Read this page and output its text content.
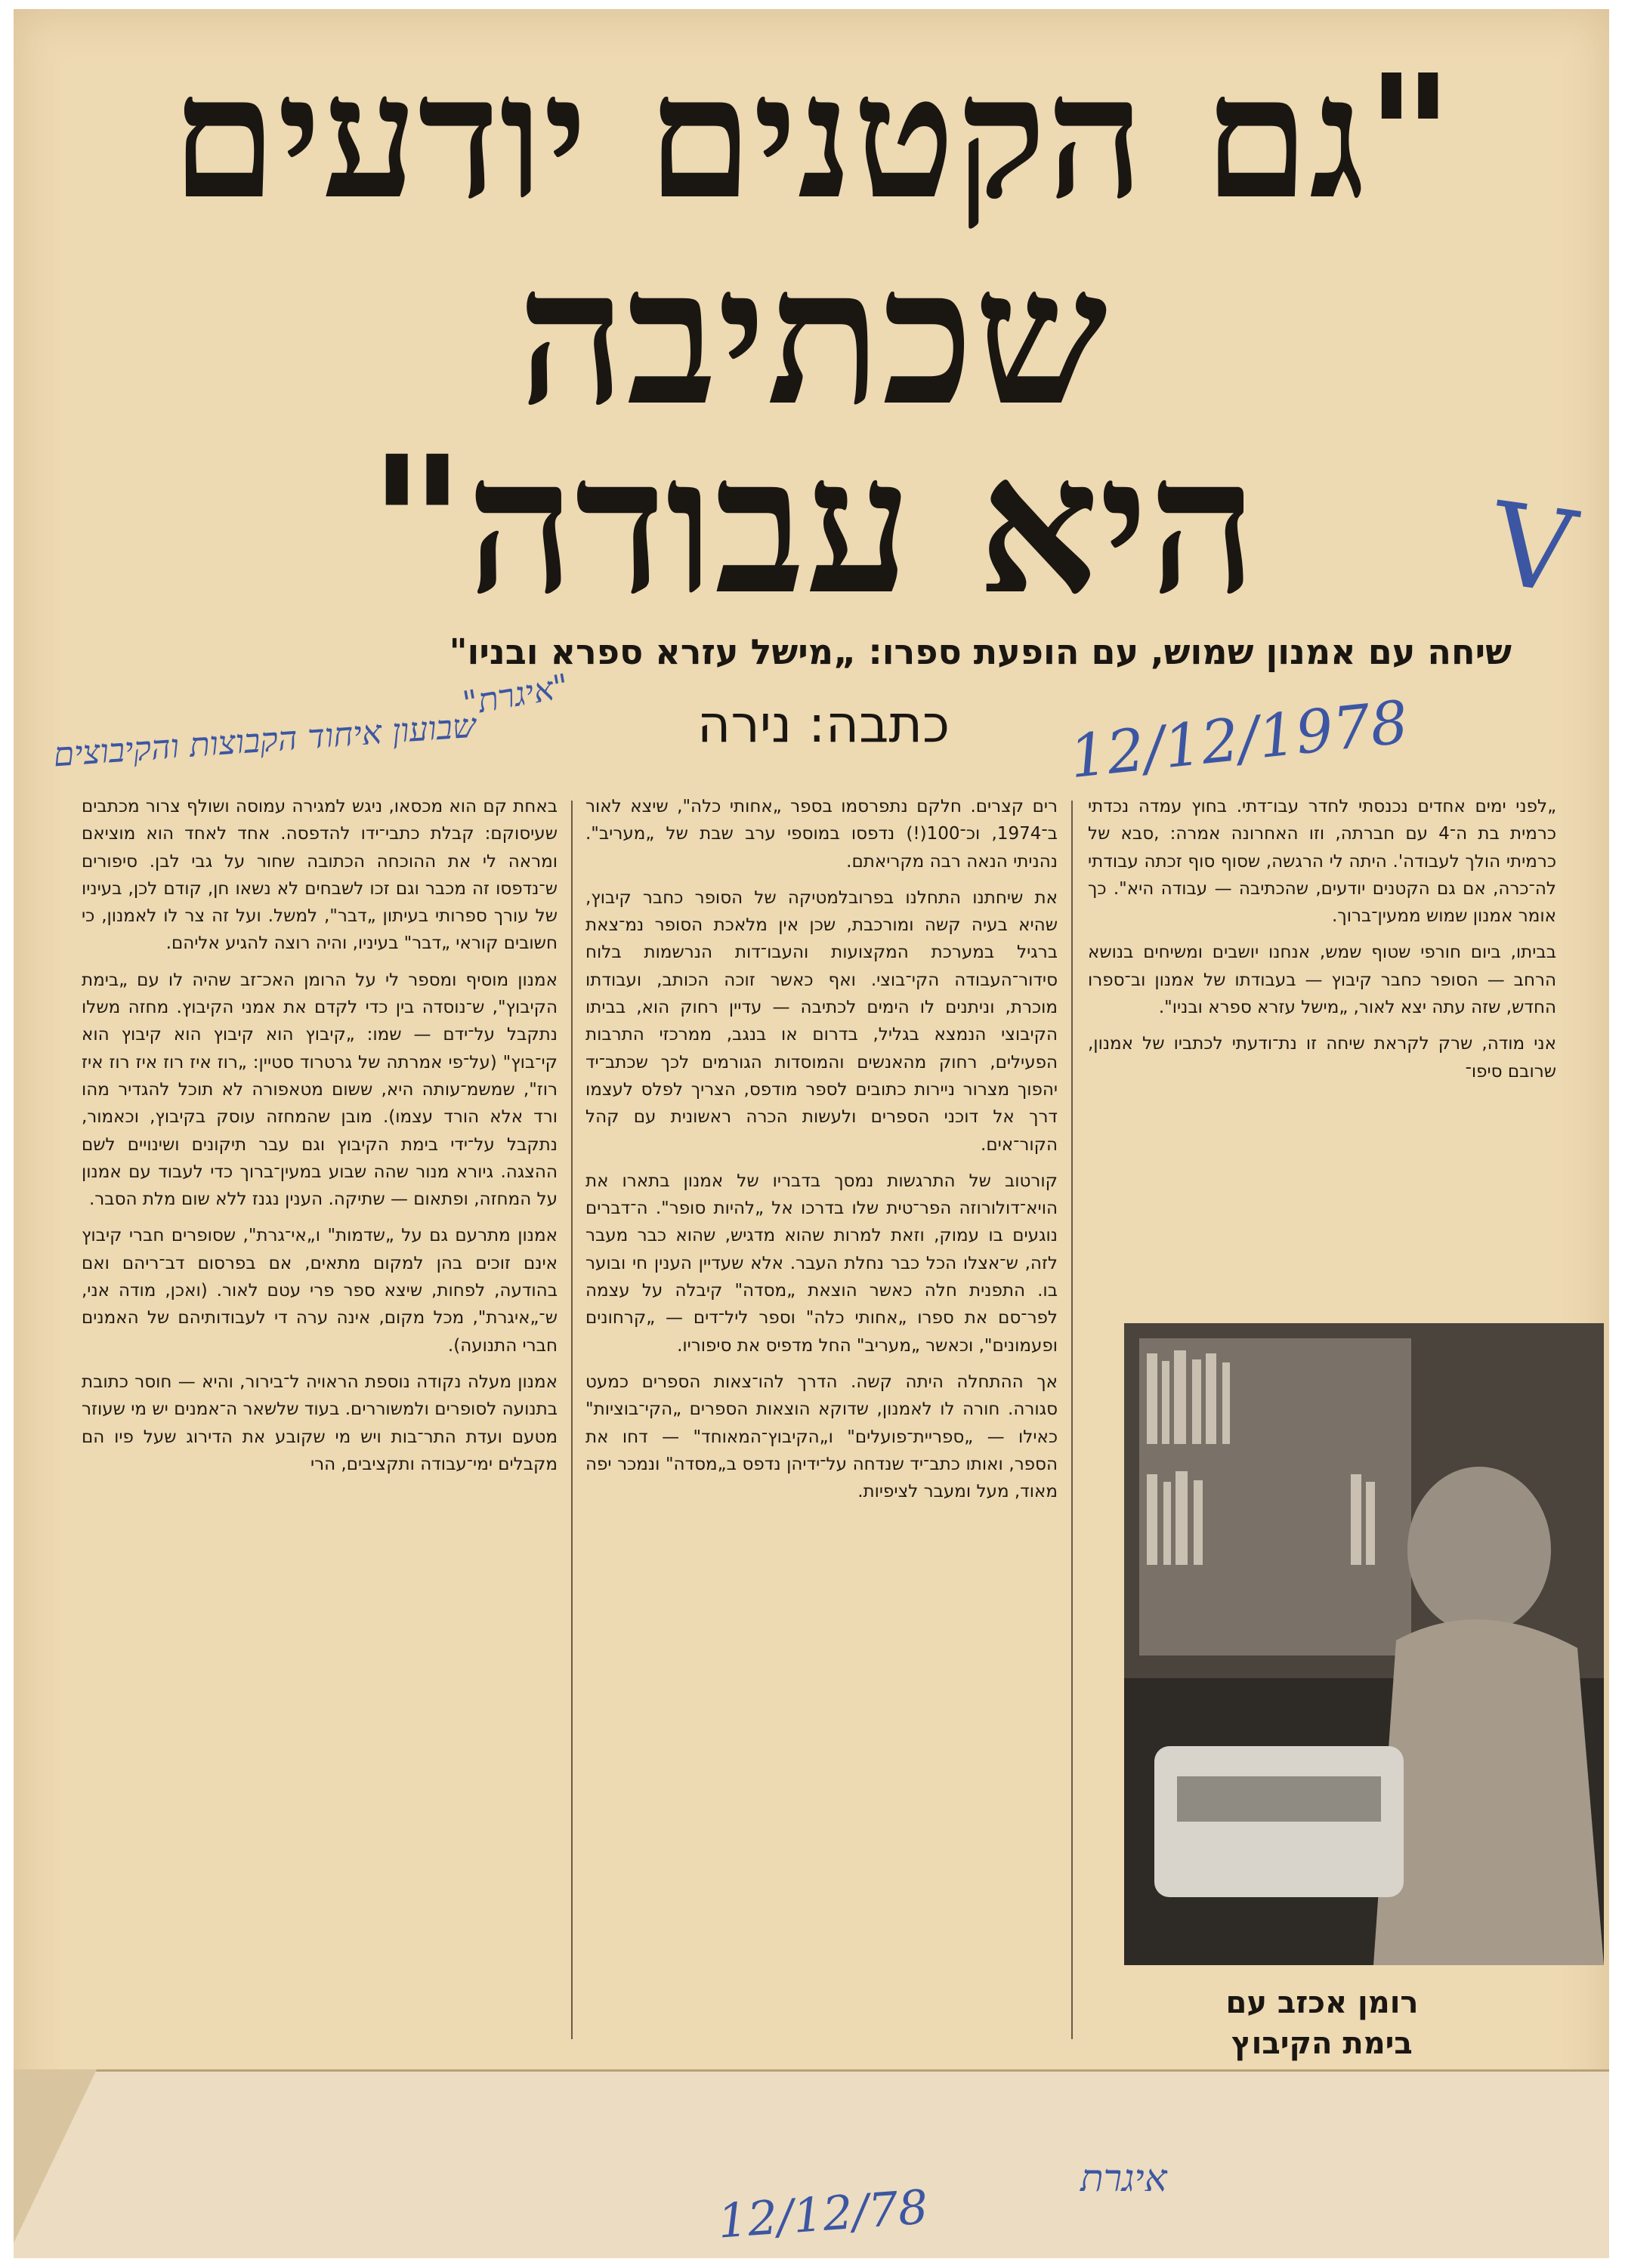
"גם הקטנים יודעים
שכתיבה
היא עבודה"
שיחה עם אמנון שמוש, עם הופעת ספרו: „מישל עזרא ספרא ובניו"
כתבה: נירה
V
12/12/1978
"איגרת"
שבועון איחוד הקבוצות והקיבוצים
איגרת
12/12/78

„לפני ימים אחדים נכנסתי לחדר עבו־דתי. בחוץ עמדה נכדתי כרמית בת ה־4 עם חברתה, וזו האחרונה אמרה: ,סבא של כרמיתי הולך לעבודה'. היתה לי הרגשה, שסוף סוף זכתה עבודתי לה־כרה, אם גם הקטנים יודעים, שהכתיבה — עבודה היא". כך אומר אמנון שמוש ממעין־ברוך.

בביתו, ביום חורפי שטוף שמש, אנחנו יושבים ומשיחים בנושא הרחב — הסופר כחבר קיבוץ — בעבודתו של אמנון וב־ספרו החדש, שזה עתה יצא לאור, „מישל עזרא ספרא ובניו".

אני מודה, שרק לקראת שיחה זו נת־ודעתי לכתביו של אמנון, שרובם סיפו־

רומן אכזב עם
בימת הקיבוץ

רים קצרים. חלקם נתפרסמו בספר „אחותי כלה", שיצא לאור ב־1974, וכ־100(!) נדפסו במוספי ערב שבת של „מעריב". נהניתי הנאה רבה מקריאתם.

את שיחתנו התחלנו בפרובלמטיקה של הסופר כחבר קיבוץ, שהיא בעיה קשה ומורכבת, שכן אין מלאכת הסופר נמ־צאת ברגיל במערכת המקצועות והעבו־דות הנרשמות בלוח סידור־העבודה הקי־בוצי. ואף כאשר זוכה הכותב, ועבודתו מוכרת, וניתנים לו הימים לכתיבה — עדיין רחוק הוא, בביתו הקיבוצי הנמצא בגליל, בדרום או בנגב, ממרכזי התרבות הפעילים, רחוק מהאנשים והמוסדות הגורמים לכך שכתב־יד יהפוך מצרור ניירות כתובים לספר מודפס, הצריך לפלס לעצמו דרך אל דוכני הספרים ולעשות הכרה ראשונית עם קהל הקור־אים.

קורטוב של התרגשות נמסך בדבריו של אמנון בתארו את הויא־דולורוזה הפר־טית שלו בדרכו אל „להיות סופר". ה־דברים נוגעים בו עמוק, וזאת למרות שהוא מדגיש, שהוא כבר מעבר לזה, ש־אצלו הכל כבר נחלת העבר. אלא שעדיין הענין חי ובוער בו. התפנית חלה כאשר הוצאת „מסדה" קיבלה על עצמה לפר־סם את ספרו „אחותי כלה" וספר ליל־דים — „קרחונים ופעמונים", וכאשר „מעריב" החל מדפיס את סיפוריו.

אך ההתחלה היתה קשה. הדרך להו־צאות הספרים כמעט סגורה. חורה לו לאמנון, שדוקא הוצאות הספרים „הקי־בוציות" כאילו — „ספריית־פועלים" ו„הקיבוץ־המאוחד" — דחו את הספר, ואותו כתב־יד שנדחה על־ידיהן נדפס ב„מסדה" ונמכר יפה מאוד, מעל ומעבר לציפיות.

באחת קם הוא מכסאו, ניגש למגירה עמוסה ושולף צרור מכתבים שעיסוקם: קבלת כתבי־ידו להדפסה. אחד לאחד הוא מוציאם ומראה לי את ההוכחה הכתובה שחור על גבי לבן. סיפורים ש־נדפסו זה מכבר וגם זכו לשבחים לא נשאו חן, קודם לכן, בעיניו של עורך ספרותי בעיתון „דבר", למשל. ועל זה צר לו לאמנון, כי חשובים קוראי „דבר" בעיניו, והיה רוצה להגיע אליהם.

אמנון מוסיף ומספר לי על הרומן האכ־זב שהיה לו עם „בימת הקיבוץ", ש־נוסדה בין כדי לקדם את אמני הקיבוץ. מחזה משלו נתקבל על־ידם — שמו: „קיבוץ הוא קיבוץ הוא קיבוץ הוא קי־בוץ" (על־פי אמרתה של גרטרוד סטיין: „רוז איז רוז איז רוז איז רוז", שמשמ־עותה היא, ששום מטאפורה לא תוכל להגדיר מהו ורד אלא הורד עצמו). מובן שהמחזה עוסק בקיבוץ, וכאמור, נתקבל על־ידי בימת הקיבוץ וגם עבר תיקונים ושינויים לשם ההצגה. גיורא מנור שהה שבוע במעין־ברוך כדי לעבוד עם אמנון על המחזה, ופתאום — שתיקה. הענין נגנז ללא שום מלת הסבר.

אמנון מתרעם גם על „שדמות" ו„אי־גרת", שסופרים חברי קיבוץ אינם זוכים בהן למקום מתאים, אם בפרסום דב־ריהם ואם בהודעה, לפחות, שיצא ספר פרי עטם לאור. (ואכן, מודה אני, ש־„איגרת", מכל מקום, אינה ערה די לעבודותיהם של האמנים חברי התנועה).

אמנון מעלה נקודה נוספת הראויה ל־בירור, והיא — חוסר כתובת בתנועה לסופרים ולמשוררים. בעוד שלשאר ה־אמנים יש מי שעוזר מטעם ועדת התר־בות ויש מי שקובע את הדירוג שעל פיו הם מקבלים ימי־עבודה ותקציבים, הרי
